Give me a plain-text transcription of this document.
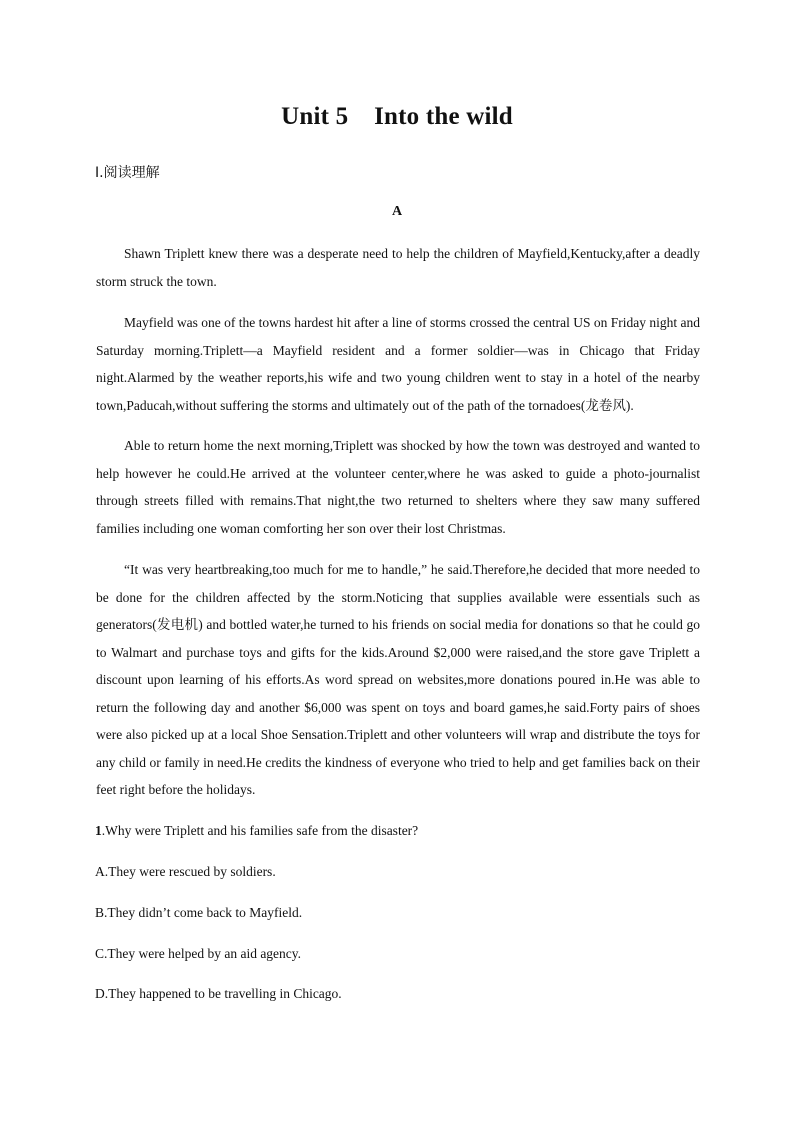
Unit 5    Into the wild
Ⅰ.阅读理解
A

Shawn Triplett knew there was a desperate need to help the children of Mayfield,Kentucky,after a deadly storm struck the town.

Mayfield was one of the towns hardest hit after a line of storms crossed the central US on Friday night and Saturday morning.Triplett—a Mayfield resident and a former soldier—was in Chicago that Friday night.Alarmed by the weather reports,his wife and two young children went to stay in a hotel of the nearby town,Paducah,without suffering the storms and ultimately out of the path of the tornadoes(龙卷风).

Able to return home the next morning,Triplett was shocked by how the town was destroyed and wanted to help however he could.He arrived at the volunteer center,where he was asked to guide a photo-journalist through streets filled with remains.That night,the two returned to shelters where they saw many suffered families including one woman comforting her son over their lost Christmas.

“It was very heartbreaking,too much for me to handle,” he said.Therefore,he decided that more needed to be done for the children affected by the storm.Noticing that supplies available were essentials such as generators(发电机) and bottled water,he turned to his friends on social media for donations so that he could go to Walmart and purchase toys and gifts for the kids.Around $2,000 were raised,and the store gave Triplett a discount upon learning of his efforts.As word spread on websites,more donations poured in.He was able to return the following day and another $6,000 was spent on toys and board games,he said.Forty pairs of shoes were also picked up at a local Shoe Sensation.Triplett and other volunteers will wrap and distribute the toys for any child or family in need.He credits the kindness of everyone who tried to help and get families back on their feet right before the holidays.

1.Why were Triplett and his families safe from the disaster?

A.They were rescued by soldiers.

B.They didn’t come back to Mayfield.

C.They were helped by an aid agency.

D.They happened to be travelling in Chicago.
